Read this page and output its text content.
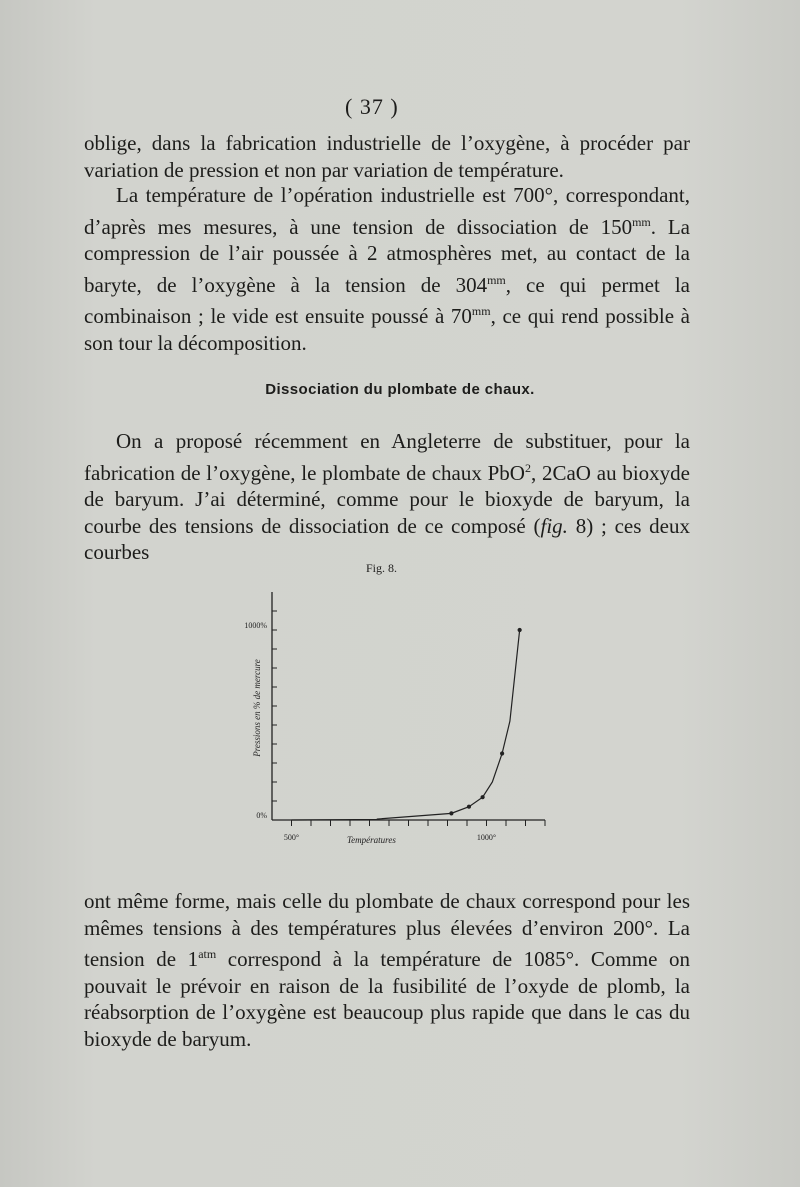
( 37 )
oblige, dans la fabrication industrielle de l’oxygène, à procéder par variation de pression et non par variation de température.
La température de l’opération industrielle est 700°, correspondant, d’après mes mesures, à une tension de dissociation de $150^{mm}$. La compression de l’air poussée à 2 atmosphères met, au contact de la baryte, de l’oxygène à la tension de $304^{mm}$, ce qui permet la combinaison ; le vide est ensuite poussé à $70^{mm}$, ce qui rend possible à son tour la décomposition.
Dissociation du plombate de chaux.
On a proposé récemment en Angleterre de substituer, pour la fabrication de l’oxygène, le plombate de chaux PbO$^2$, 2CaO au bioxyde de baryum. J’ai déterminé, comme pour le bioxyde de baryum, la courbe des tensions de dissociation de ce composé (fig. 8) ; ces deux courbes
Fig. 8.
0%
1000%
500°	1000°
Températures
Pressions en % de mercure
ont même forme, mais celle du plombate de chaux correspond pour les mêmes tensions à des températures plus élevées d’environ 200°. La tension de $1^{atm}$ correspond à la température de 1085°. Comme on pouvait le prévoir en raison de la fusibilité de l’oxyde de plomb, la réabsorption de l’oxygène est beaucoup plus rapide que dans le cas du bioxyde de baryum.
